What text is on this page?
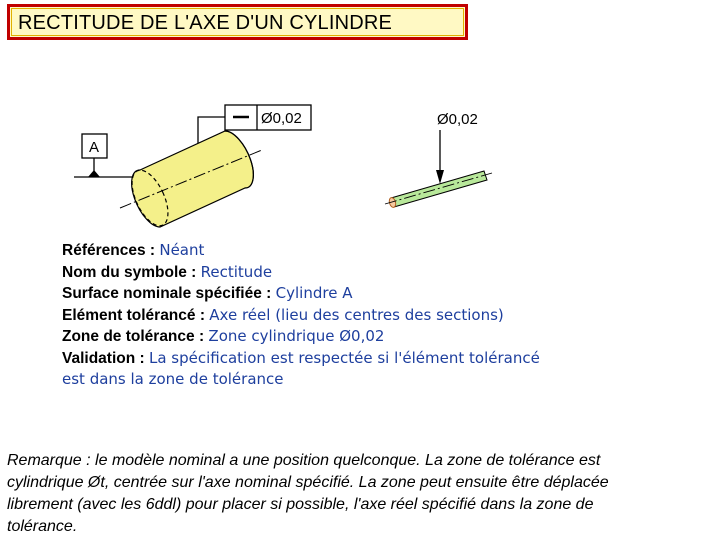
RECTITUDE DE L'AXE D'UN CYLINDRE
Ø0,02
A
Ø0,02
Références : Néant
Nom du symbole : Rectitude
Surface nominale spécifiée : Cylindre A
Elément tolérancé : Axe réel (lieu des centres des sections)
Zone de tolérance : Zone cylindrique Ø0,02
Validation : La spécification est respectée si l'élément tolérancé
est dans la zone de tolérance
Remarque : le modèle nominal a une position quelconque. La zone de tolérance est
cylindrique Øt, centrée sur l'axe nominal spécifié. La zone peut ensuite être déplacée
librement (avec les 6ddl) pour placer si possible, l'axe réel spécifié dans la zone de
tolérance.
